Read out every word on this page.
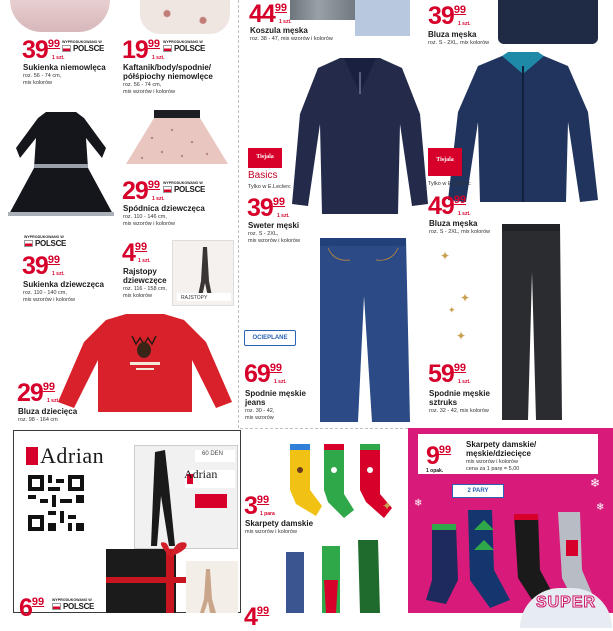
3999
1 szt.
WYPRODUKOWANO W
POLSCE
Sukienka niemowlęca
roz. 56 - 74 cm,
mix kolorów
1999
1 szt.
WYPRODUKOWANO W
POLSCE
Kaftanik/body/spodnie/
półśpiochy niemowlęce
roz. 56 - 74 cm,
mix wzorów i kolorów
2999
1 szt.
WYPRODUKOWANO W
POLSCE
Spódnica dziewczęca
roz. 110 - 146 cm,
mix wzorów i kolorów
WYPRODUKOWANO W
POLSCE
3999
1 szt.
Sukienka dziewczęca
roz. 110 - 140 cm,
mix wzorów i kolorów
499
1 szt.
Rajstopy
dziewczęce
roz. 116 - 158 cm,
mix kolorów	RAJSTOPY
2999
1 szt.
Bluza dziecięca
roz. 98 - 164 cm
4499
1 szt.
Koszula męska
roz. 38 - 47, mix wzorów i kolorów
3999
1 szt.
Bluza męska
roz. S - 2XL, mix kolorów
Tisjala
Basics
Tylko w E.Leclerc
3999
1 szt.
Sweter męski
roz. S - 2XL,
mix wzorów i kolorów
Tisjala
Tylko w E.Leclerc
4999
1 szt.
Bluza męska
roz. S - 2XL, mix kolorów
OCIEPLANE
6999
1 szt.
Spodnie męskie
jeans
roz. 30 - 42,
mix wzorów
✦
✦
✦
✦
5999
1 szt.
Spodnie męskie
sztruks
roz. 32 - 42, mix kolorów
Adrian	60 DEN
Adrian
699 WYPRODUKOWANO W
POLSCE
✦
399
1 para
Skarpety damskie
mix wzorów i kolorów
499
999
1 opak.
Skarpety damskie/
męskie/dziecięce
mix wzorów i kolorów
cena za 1 parę = 5,00
2 PARY
❄
❄
❄
SUPER
